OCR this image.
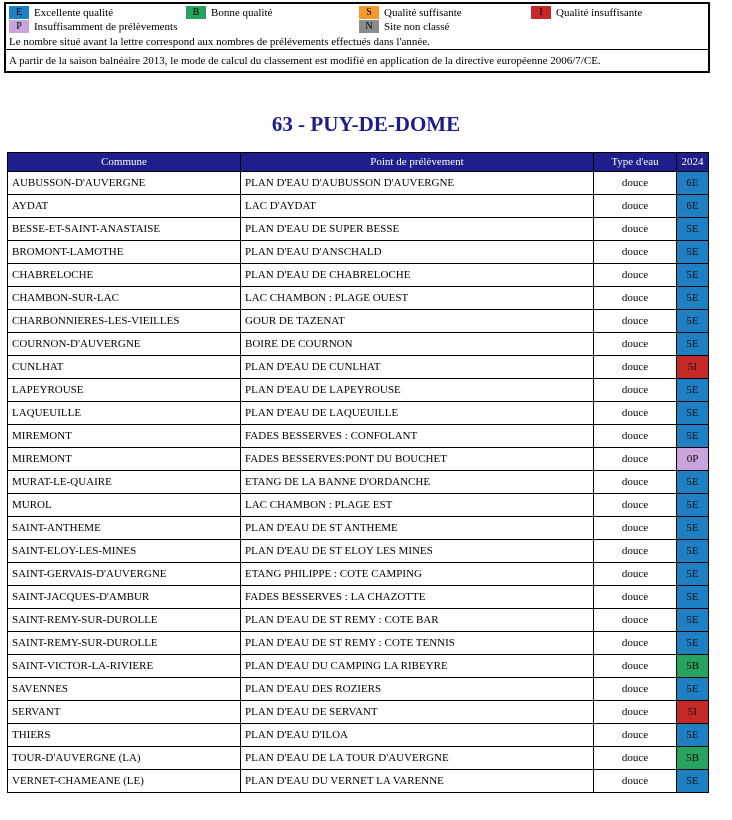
E	Excellente qualité	B	Bonne qualité	S	Qualité suffisante	I	Qualité insuffisante
P	Insuffisamment de prélèvements	N	Site non classé
Le nombre situé avant la lettre correspond aux nombres de prélévements effectués dans l'année.
A partir de la saison balnéaire 2013, le mode de calcul du classement est modifié en application de la directive européenne 2006/7/CE.
63 - PUY-DE-DOME
Commune	Point de prélèvement	Type d'eau	2024
AUBUSSON-D'AUVERGNE	PLAN D'EAU D'AUBUSSON D'AUVERGNE	douce	6E
AYDAT	LAC D'AYDAT	douce	6E
BESSE-ET-SAINT-ANASTAISE	PLAN D'EAU DE SUPER BESSE	douce	5E
BROMONT-LAMOTHE	PLAN D'EAU D'ANSCHALD	douce	5E
CHABRELOCHE	PLAN D'EAU DE CHABRELOCHE	douce	5E
CHAMBON-SUR-LAC	LAC CHAMBON : PLAGE OUEST	douce	5E
CHARBONNIERES-LES-VIEILLES	GOUR DE TAZENAT	douce	5E
COURNON-D'AUVERGNE	BOIRE DE COURNON	douce	5E
CUNLHAT	PLAN D'EAU DE CUNLHAT	douce	5I
LAPEYROUSE	PLAN D'EAU DE LAPEYROUSE	douce	5E
LAQUEUILLE	PLAN D'EAU DE LAQUEUILLE	douce	5E
MIREMONT	FADES BESSERVES : CONFOLANT	douce	5E
MIREMONT	FADES BESSERVES:PONT DU BOUCHET	douce	0P
MURAT-LE-QUAIRE	ETANG DE LA BANNE D'ORDANCHE	douce	5E
MUROL	LAC CHAMBON : PLAGE EST	douce	5E
SAINT-ANTHEME	PLAN D'EAU DE ST ANTHEME	douce	5E
SAINT-ELOY-LES-MINES	PLAN D'EAU DE ST ELOY LES MINES	douce	5E
SAINT-GERVAIS-D'AUVERGNE	ETANG PHILIPPE : COTE CAMPING	douce	5E
SAINT-JACQUES-D'AMBUR	FADES BESSERVES : LA CHAZOTTE	douce	5E
SAINT-REMY-SUR-DUROLLE	PLAN D'EAU DE ST REMY : COTE BAR	douce	5E
SAINT-REMY-SUR-DUROLLE	PLAN D'EAU DE ST REMY : COTE TENNIS	douce	5E
SAINT-VICTOR-LA-RIVIERE	PLAN D'EAU DU CAMPING LA RIBEYRE	douce	5B
SAVENNES	PLAN D'EAU DES ROZIERS	douce	5E
SERVANT	PLAN D'EAU DE SERVANT	douce	5I
THIERS	PLAN D'EAU D'ILOA	douce	5E
TOUR-D'AUVERGNE (LA)	PLAN D'EAU DE LA TOUR D'AUVERGNE	douce	5B
VERNET-CHAMEANE (LE)	PLAN D'EAU DU VERNET LA VARENNE	douce	5E
